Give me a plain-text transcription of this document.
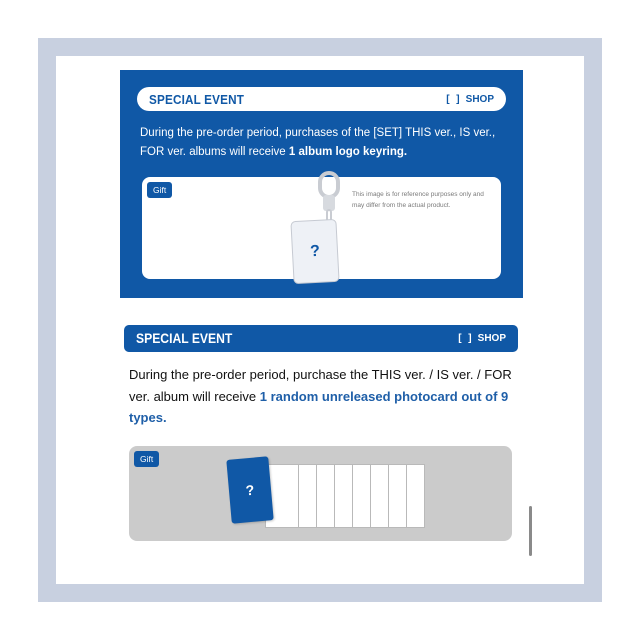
SPECIAL EVENT	[ ] SHOP

During the pre-order period, purchases of the [SET] THIS ver., IS ver., FOR ver. albums will receive 1 album logo keyring.

Gift	This image is for reference purposes only and may differ from the actual product.
?
SPECIAL EVENT	[ ] SHOP

During the pre-order period, purchase the THIS ver. / IS ver. / FOR ver. album will receive 1 random unreleased photocard out of 9 types.

Gift
?
